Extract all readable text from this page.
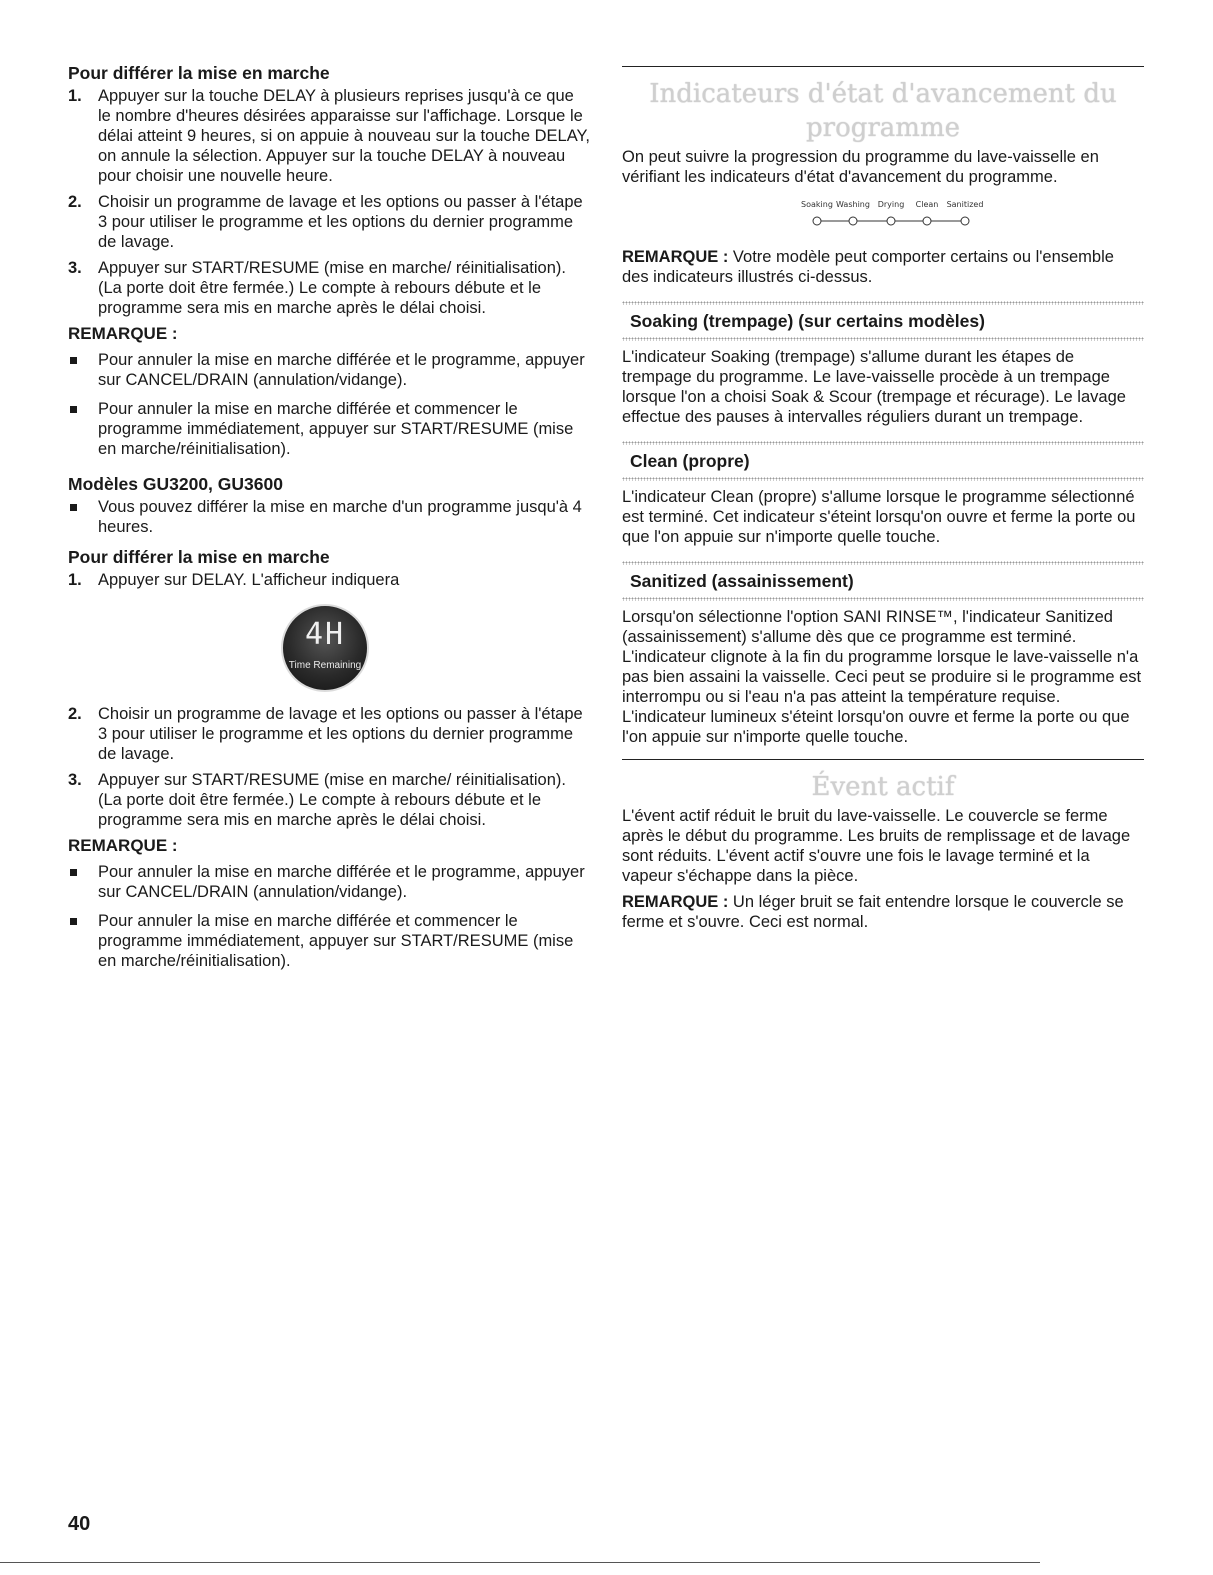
Pour différer la mise en marche
1. Appuyer sur la touche DELAY à plusieurs reprises jusqu'à ce que le nombre d'heures désirées apparaisse sur l'affichage. Lorsque le délai atteint 9 heures, si on appuie à nouveau sur la touche DELAY, on annule la sélection. Appuyer sur la touche DELAY à nouveau pour choisir une nouvelle heure.
2. Choisir un programme de lavage et les options ou passer à l'étape 3 pour utiliser le programme et les options du dernier programme de lavage.
3. Appuyer sur START/RESUME (mise en marche/ réinitialisation). (La porte doit être fermée.) Le compte à rebours débute et le programme sera mis en marche après le délai choisi.
REMARQUE :
Pour annuler la mise en marche différée et le programme, appuyer sur CANCEL/DRAIN (annulation/vidange).
Pour annuler la mise en marche différée et commencer le programme immédiatement, appuyer sur START/RESUME (mise en marche/réinitialisation).
Modèles GU3200, GU3600
Vous pouvez différer la mise en marche d'un programme jusqu'à 4 heures.
Pour différer la mise en marche
1. Appuyer sur DELAY. L'afficheur indiquera
4H
Time Remaining
2. Choisir un programme de lavage et les options ou passer à l'étape 3 pour utiliser le programme et les options du dernier programme de lavage.
3. Appuyer sur START/RESUME (mise en marche/ réinitialisation). (La porte doit être fermée.) Le compte à rebours débute et le programme sera mis en marche après le délai choisi.
REMARQUE :
Pour annuler la mise en marche différée et le programme, appuyer sur CANCEL/DRAIN (annulation/vidange).
Pour annuler la mise en marche différée et commencer le programme immédiatement, appuyer sur START/RESUME (mise en marche/réinitialisation).
Indicateurs d'état d'avancement du programme

On peut suivre la progression du programme du lave-vaisselle en vérifiant les indicateurs d'état d'avancement du programme.

Soaking Washing Drying Clean Sanitized

REMARQUE : Votre modèle peut comporter certains ou l'ensemble des indicateurs illustrés ci-dessus.

Soaking (trempage) (sur certains modèles)

L'indicateur Soaking (trempage) s'allume durant les étapes de trempage du programme. Le lave-vaisselle procède à un trempage lorsque l'on a choisi Soak & Scour (trempage et récurage). Le lavage effectue des pauses à intervalles réguliers durant un trempage.

Clean (propre)

L'indicateur Clean (propre) s'allume lorsque le programme sélectionné est terminé. Cet indicateur s'éteint lorsqu'on ouvre et ferme la porte ou que l'on appuie sur n'importe quelle touche.

Sanitized (assainissement)

Lorsqu'on sélectionne l'option SANI RINSE™, l'indicateur Sanitized (assainissement) s'allume dès que ce programme est terminé. L'indicateur clignote à la fin du programme lorsque le lave-vaisselle n'a pas bien assaini la vaisselle. Ceci peut se produire si le programme est interrompu ou si l'eau n'a pas atteint la température requise. L'indicateur lumineux s'éteint lorsqu'on ouvre et ferme la porte ou que l'on appuie sur n'importe quelle touche.

Évent actif

L'évent actif réduit le bruit du lave-vaisselle. Le couvercle se ferme après le début du programme. Les bruits de remplissage et de lavage sont réduits. L'évent actif s'ouvre une fois le lavage terminé et la vapeur s'échappe dans la pièce.

REMARQUE : Un léger bruit se fait entendre lorsque le couvercle se ferme et s'ouvre. Ceci est normal.

40
